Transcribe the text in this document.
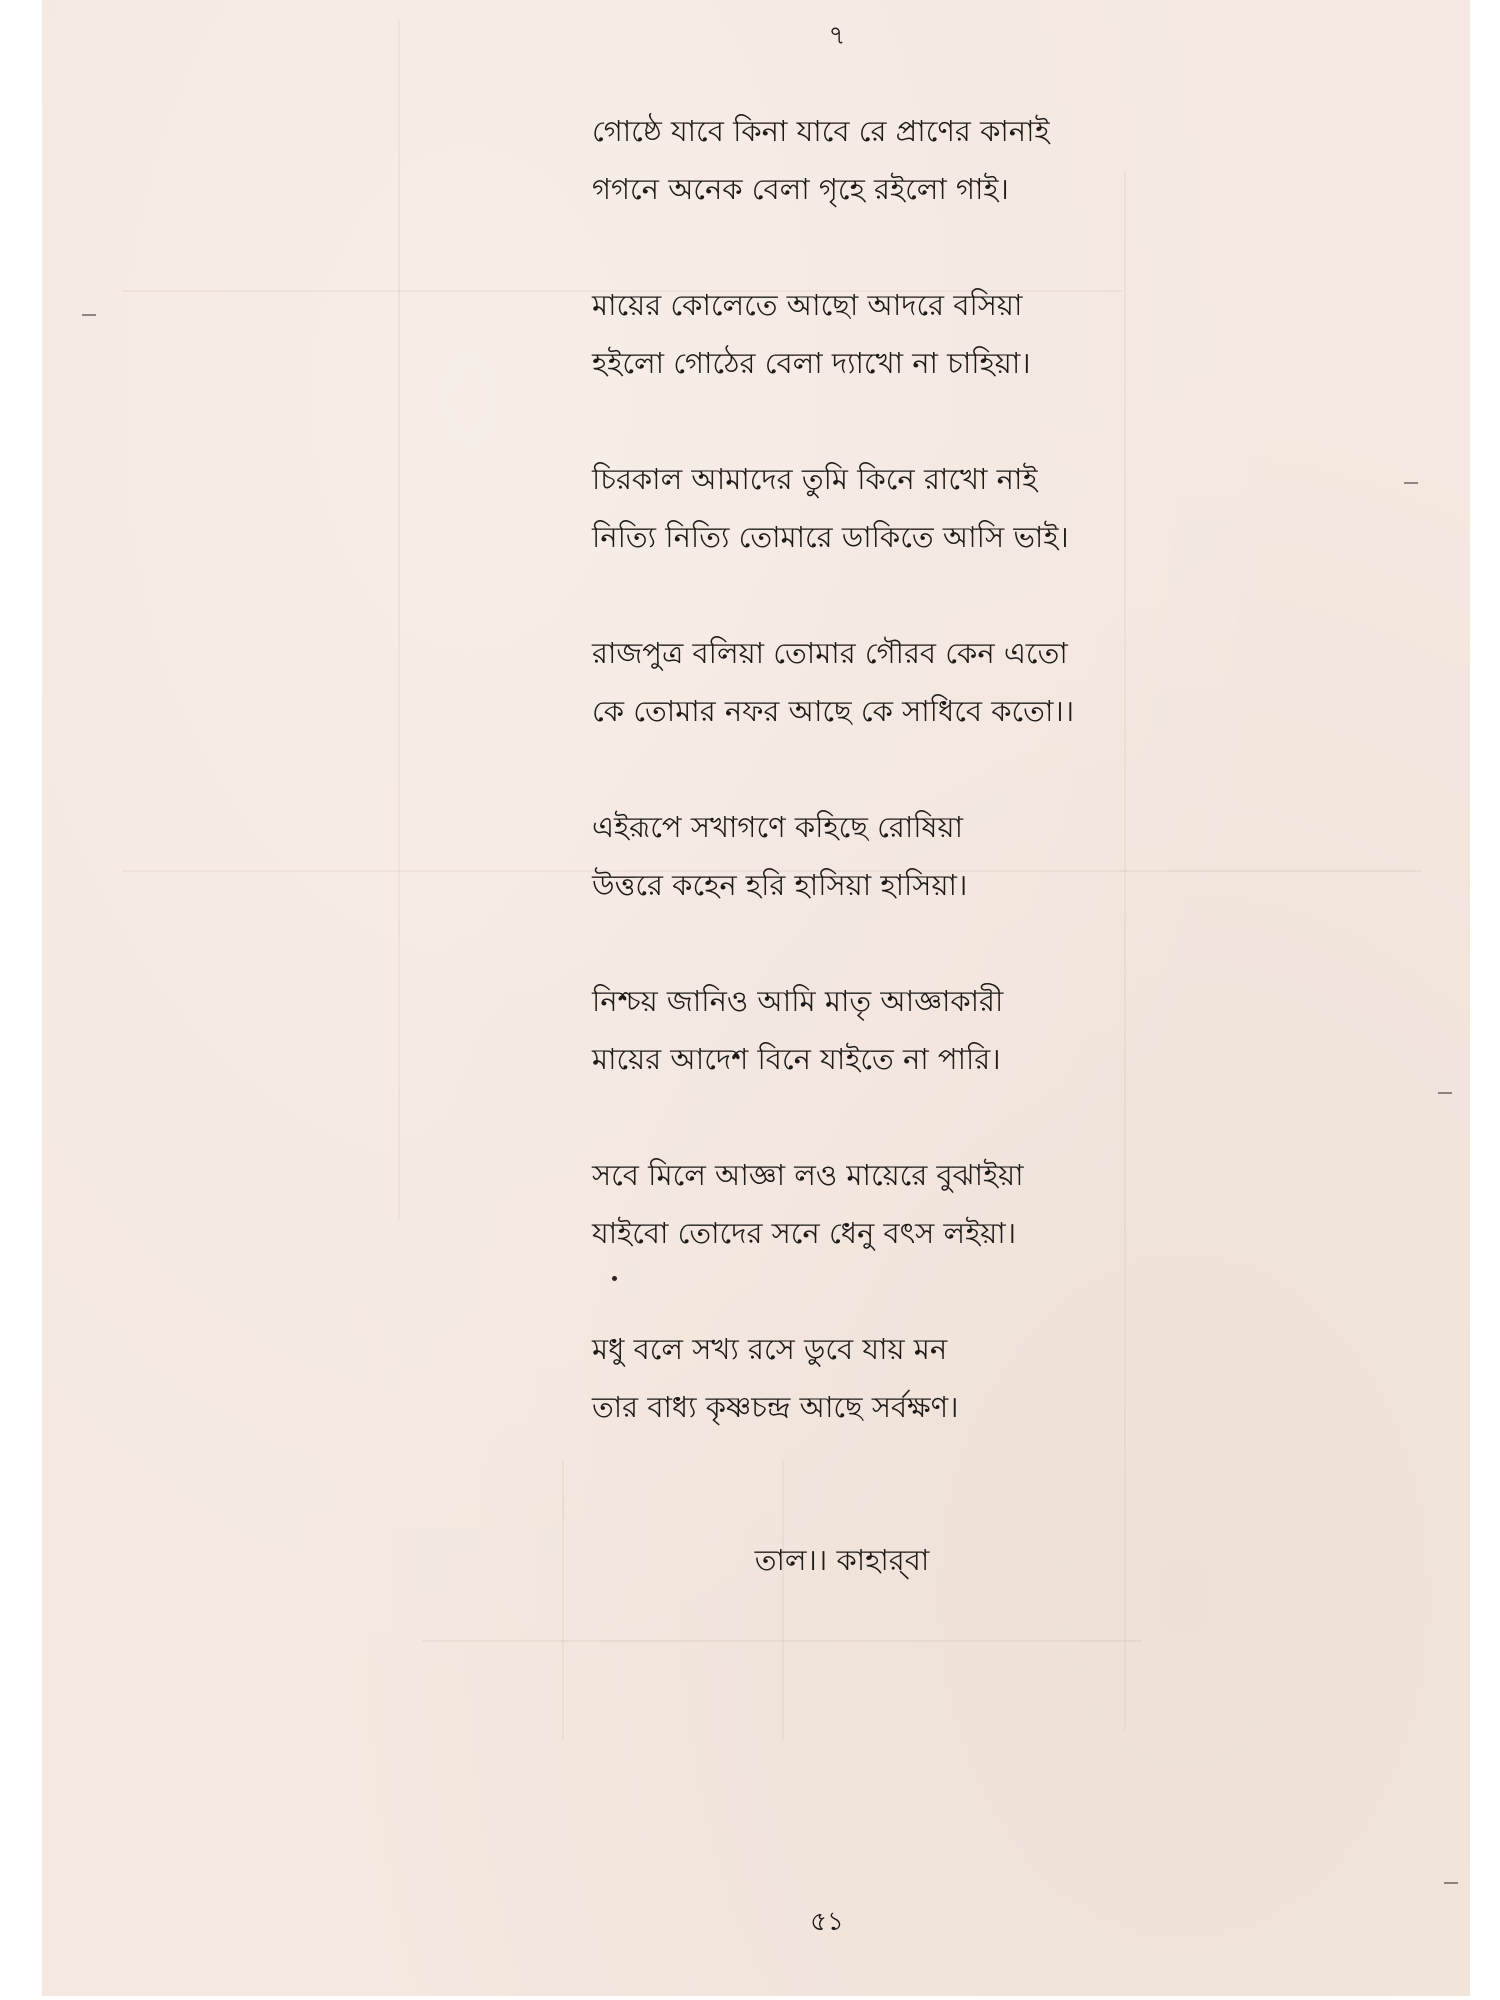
৭
গোষ্ঠে যাবে কিনা যাবে রে প্রাণের কানাই
গগনে অনেক বেলা গৃহে রইলো গাই।
মায়ের কোলেতে আছো আদরে বসিয়া
হইলো গোঠের বেলা দ্যাখো না চাহিয়া।
চিরকাল আমাদের তুমি কিনে রাখো নাই
নিত্যি নিত্যি তোমারে ডাকিতে আসি ভাই।
রাজপুত্র বলিয়া তোমার গৌরব কেন এতো
কে তোমার নফর আছে কে সাধিবে কতো।।
এইরূপে সখাগণে কহিছে রোষিয়া
উত্তরে কহেন হরি হাসিয়া হাসিয়া।
নিশ্চয় জানিও আমি মাতৃ আজ্ঞাকারী
মায়ের আদেশ বিনে যাইতে না পারি।
সবে মিলে আজ্ঞা লও মায়েরে বুঝাইয়া
যাইবো তোদের সনে ধেনু বৎস লইয়া।
মধু বলে সখ্য রসে ডুবে যায় মন
তার বাধ্য কৃষ্ণচন্দ্র আছে সর্বক্ষণ।
তাল।। কাহার্‌বা
৫১
